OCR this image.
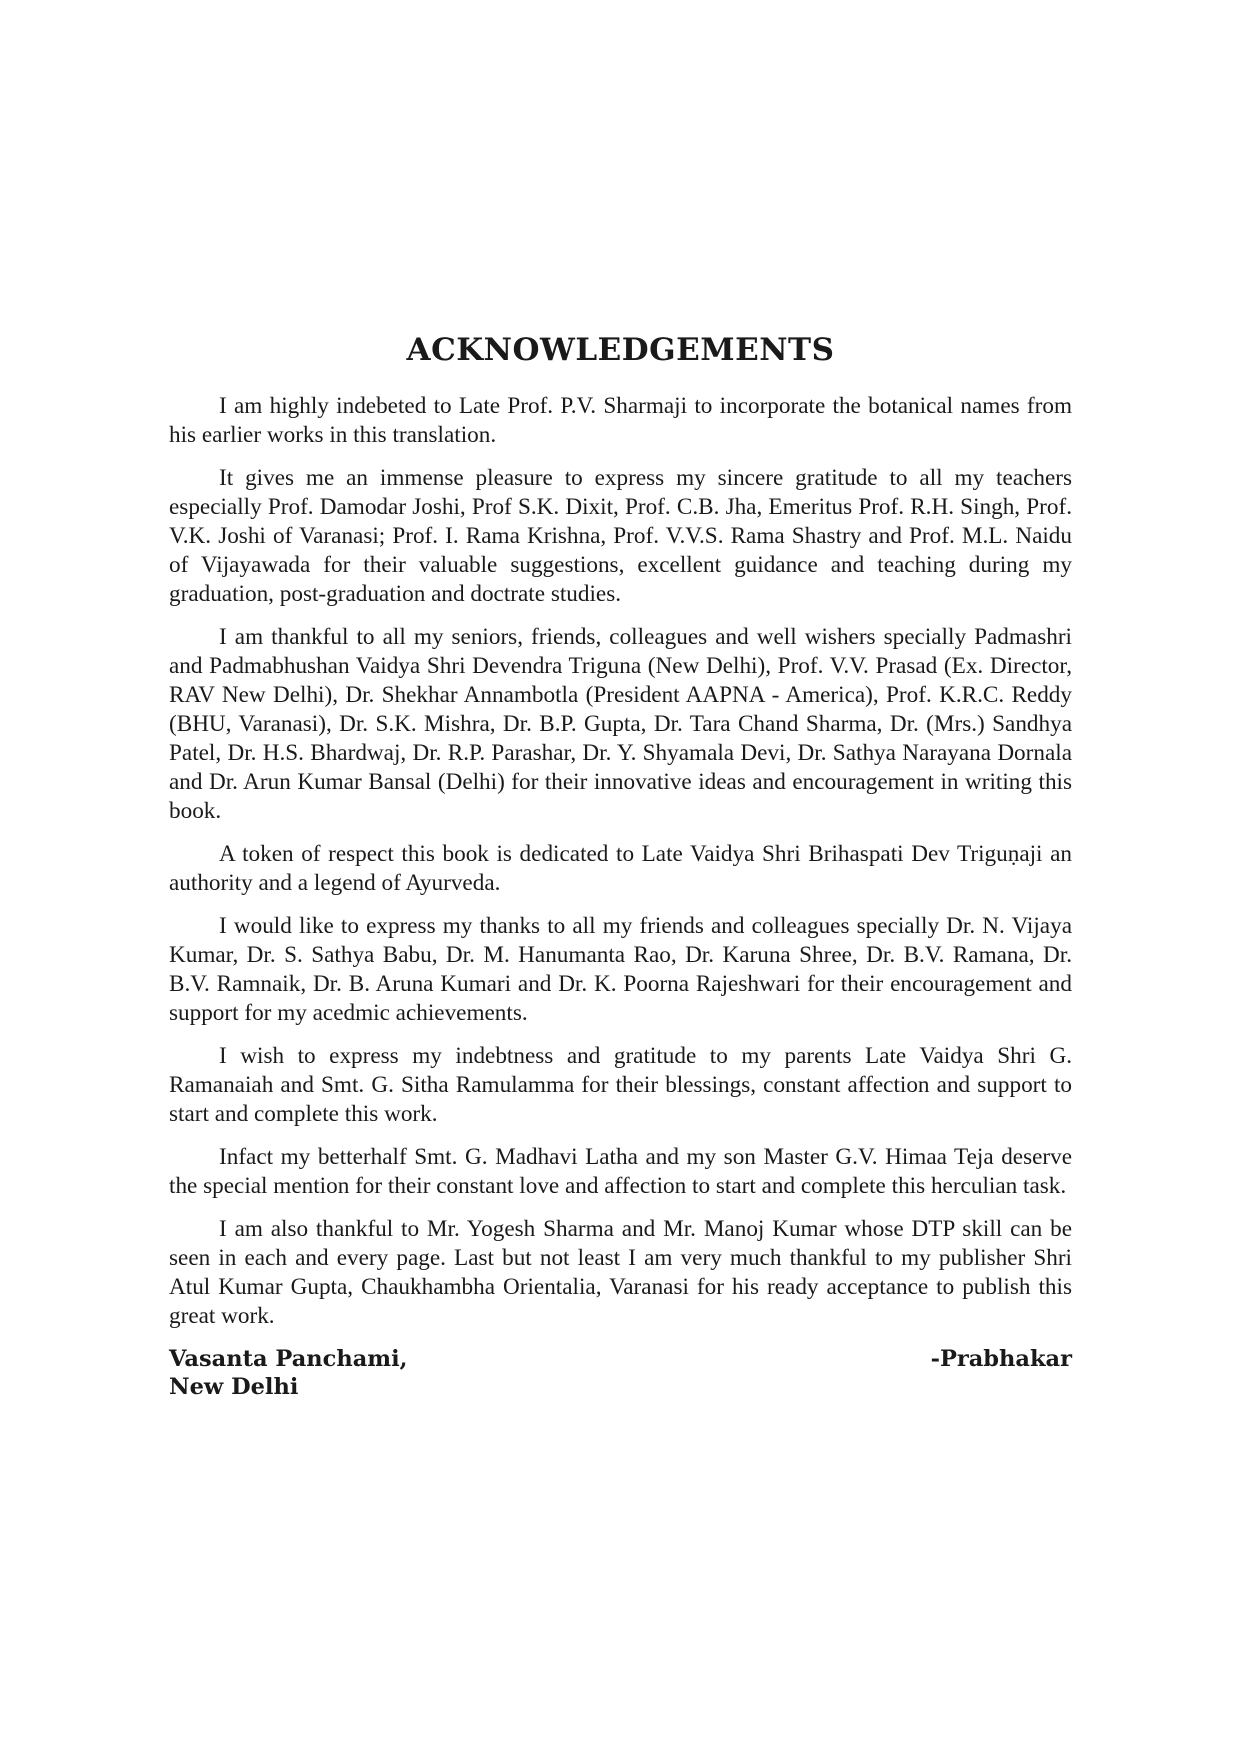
ACKNOWLEDGEMENTS

I am highly indebeted to Late Prof. P.V. Sharmaji to incorporate the botanical names from his earlier works in this translation.

It gives me an immense pleasure to express my sincere gratitude to all my teachers especially Prof. Damodar Joshi, Prof S.K. Dixit, Prof. C.B. Jha, Emeritus Prof. R.H. Singh, Prof. V.K. Joshi of Varanasi; Prof. I. Rama Krishna, Prof. V.V.S. Rama Shastry and Prof. M.L. Naidu of Vijayawada for their valuable suggestions, excellent guidance and teaching during my graduation, post-graduation and doctrate studies.

I am thankful to all my seniors, friends, colleagues and well wishers specially Padmashri and Padmabhushan Vaidya Shri Devendra Triguna (New Delhi), Prof. V.V. Prasad (Ex. Director, RAV New Delhi), Dr. Shekhar Annambotla (President AAPNA - America), Prof. K.R.C. Reddy (BHU, Varanasi), Dr. S.K. Mishra, Dr. B.P. Gupta, Dr. Tara Chand Sharma, Dr. (Mrs.) Sandhya Patel, Dr. H.S. Bhardwaj, Dr. R.P. Parashar, Dr. Y. Shyamala Devi, Dr. Sathya Narayana Dornala and Dr. Arun Kumar Bansal (Delhi) for their innovative ideas and encouragement in writing this book.

A token of respect this book is dedicated to Late Vaidya Shri Brihaspati Dev Triguṇaji an authority and a legend of Ayurveda.

I would like to express my thanks to all my friends and colleagues specially Dr. N. Vijaya Kumar, Dr. S. Sathya Babu, Dr. M. Hanumanta Rao, Dr. Karuna Shree, Dr. B.V. Ramana, Dr. B.V. Ramnaik, Dr. B. Aruna Kumari and Dr. K. Poorna Rajeshwari for their encouragement and support for my acedmic achievements.

I wish to express my indebtness and gratitude to my parents Late Vaidya Shri G. Ramanaiah and Smt. G. Sitha Ramulamma for their blessings, constant affection and support to start and complete this work.

Infact my betterhalf Smt. G. Madhavi Latha and my son Master G.V. Himaa Teja deserve the special mention for their constant love and affection to start and complete this herculian task.

I am also thankful to Mr. Yogesh Sharma and Mr. Manoj Kumar whose DTP skill can be seen in each and every page. Last but not least I am very much thankful to my publisher Shri Atul Kumar Gupta, Chaukhambha Orientalia, Varanasi for his ready acceptance to publish this great work.

Vasanta Panchami,
New Delhi
-Prabhakar
